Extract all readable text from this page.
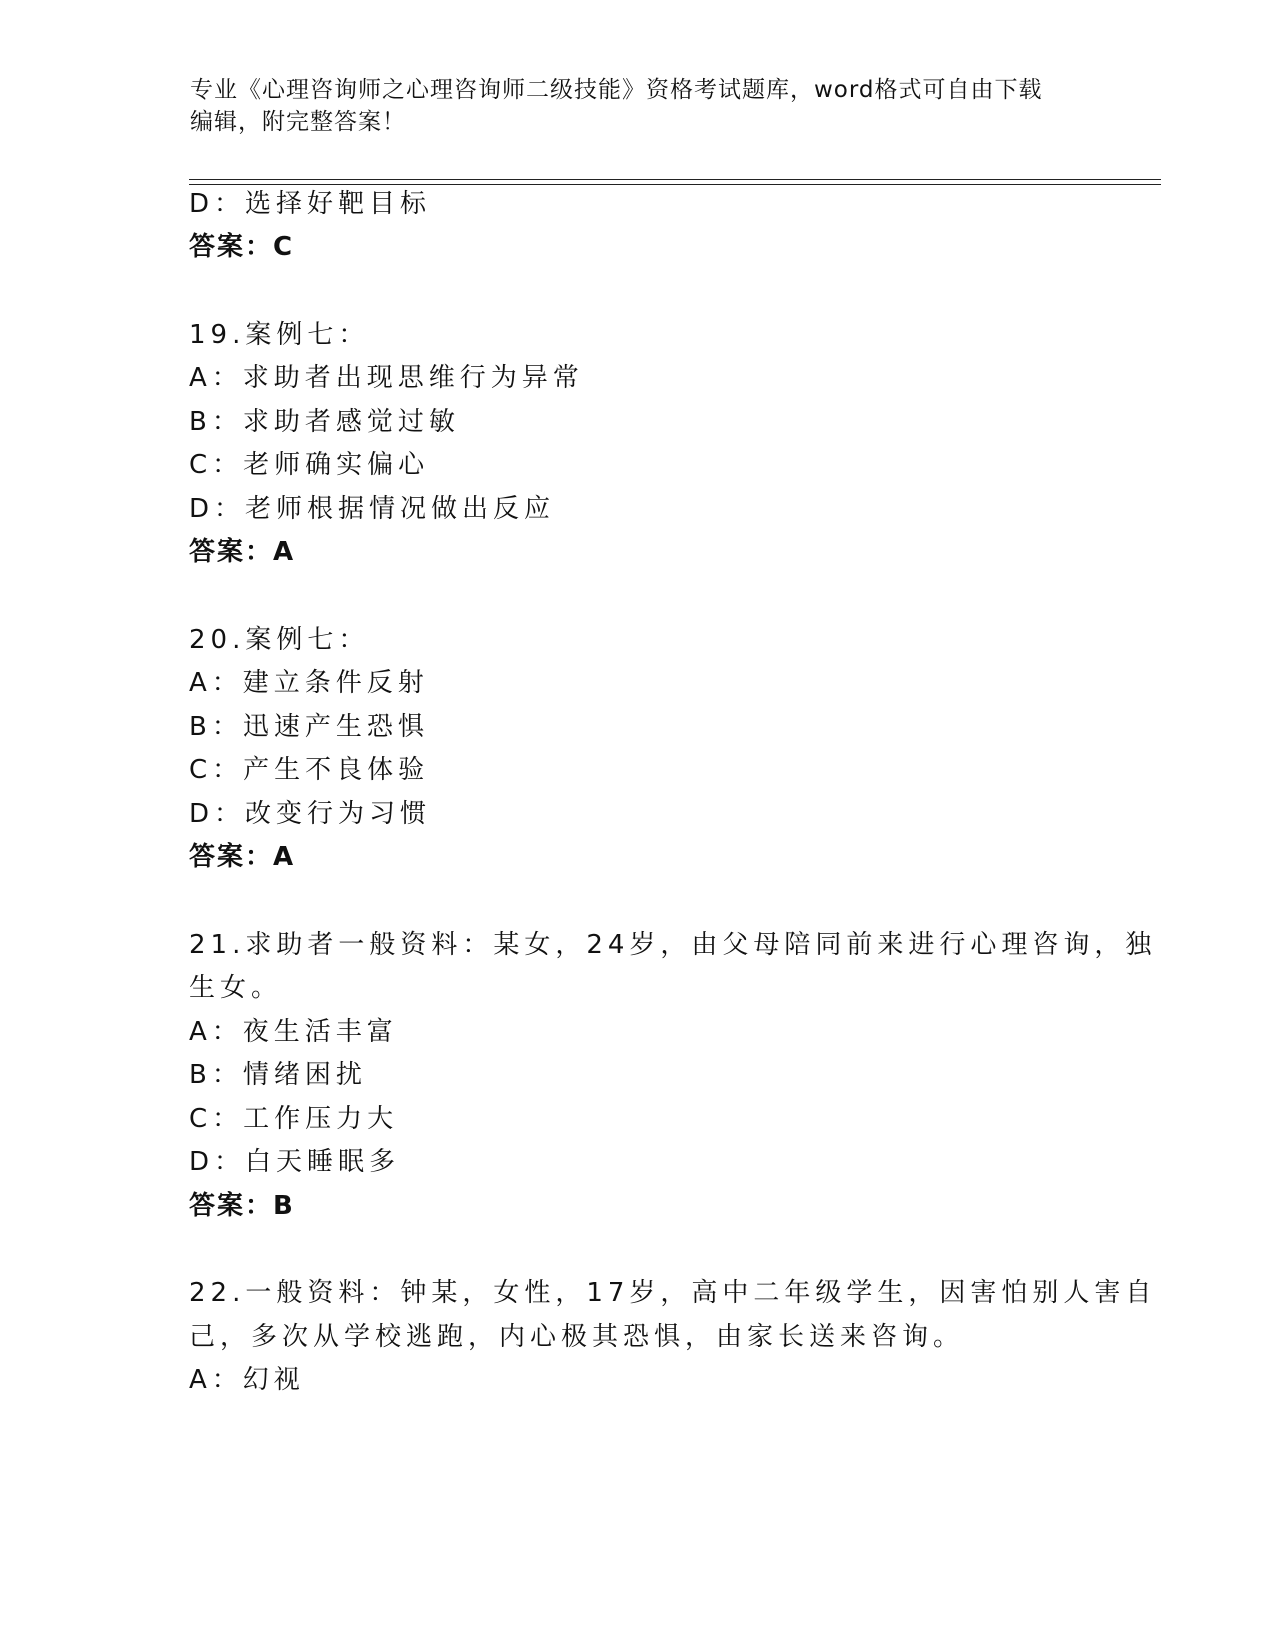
专业《心理咨询师之心理咨询师二级技能》资格考试题库，word格式可自由下载
编辑，附完整答案！
D：选择好靶目标
答案：C
19.案例七：
A：求助者出现思维行为异常
B：求助者感觉过敏
C：老师确实偏心
D：老师根据情况做出反应
答案：A
20.案例七：
A：建立条件反射
B：迅速产生恐惧
C：产生不良体验
D：改变行为习惯
答案：A
21.求助者一般资料：某女，24岁，由父母陪同前来进行心理咨询，独
生女。
A：夜生活丰富
B：情绪困扰
C：工作压力大
D：白天睡眠多
答案：B
22.一般资料：钟某，女性，17岁，高中二年级学生，因害怕别人害自
己，多次从学校逃跑，内心极其恐惧，由家长送来咨询。
A：幻视
